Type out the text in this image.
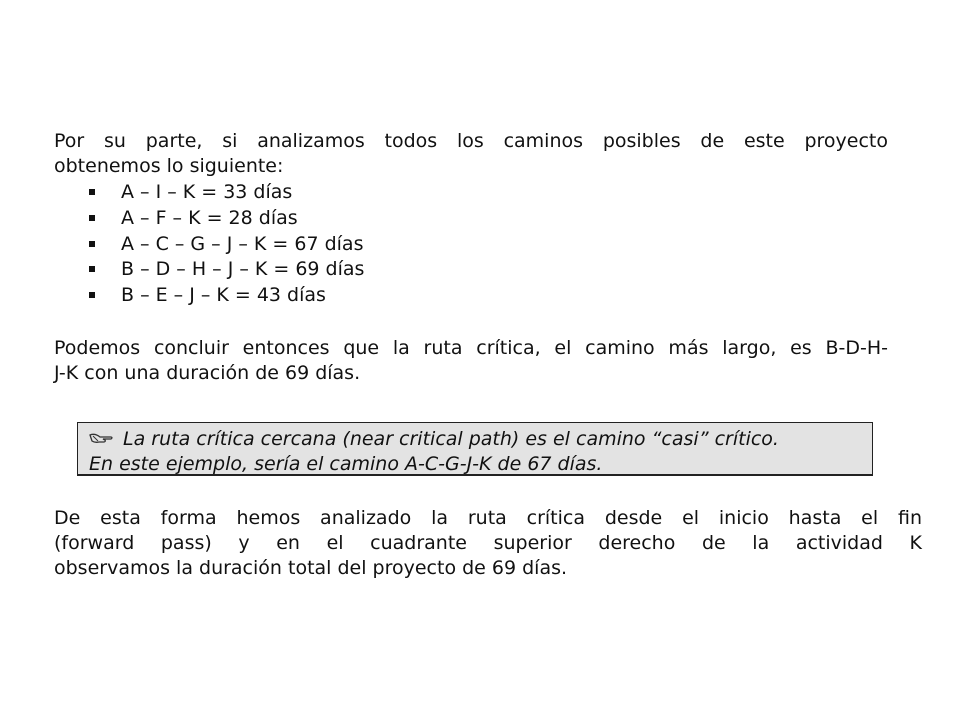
Por su parte, si analizamos todos los caminos posibles de este proyecto
obtenemos lo siguiente:

A – I – K = 33 días
A – F – K = 28 días
A – C – G – J – K = 67 días
B – D – H – J – K = 69 días
B – E – J – K = 43 días

Podemos concluir entonces que la ruta crítica, el camino más largo, es B-D-H-
J-K con una duración de 69 días.

La ruta crítica cercana (near critical path) es el camino “casi” crítico.
En este ejemplo, sería el camino A-C-G-J-K de 67 días.

De esta forma hemos analizado la ruta crítica desde el inicio hasta el fin
(forward pass) y en el cuadrante superior derecho de la actividad K
observamos la duración total del proyecto de 69 días.
